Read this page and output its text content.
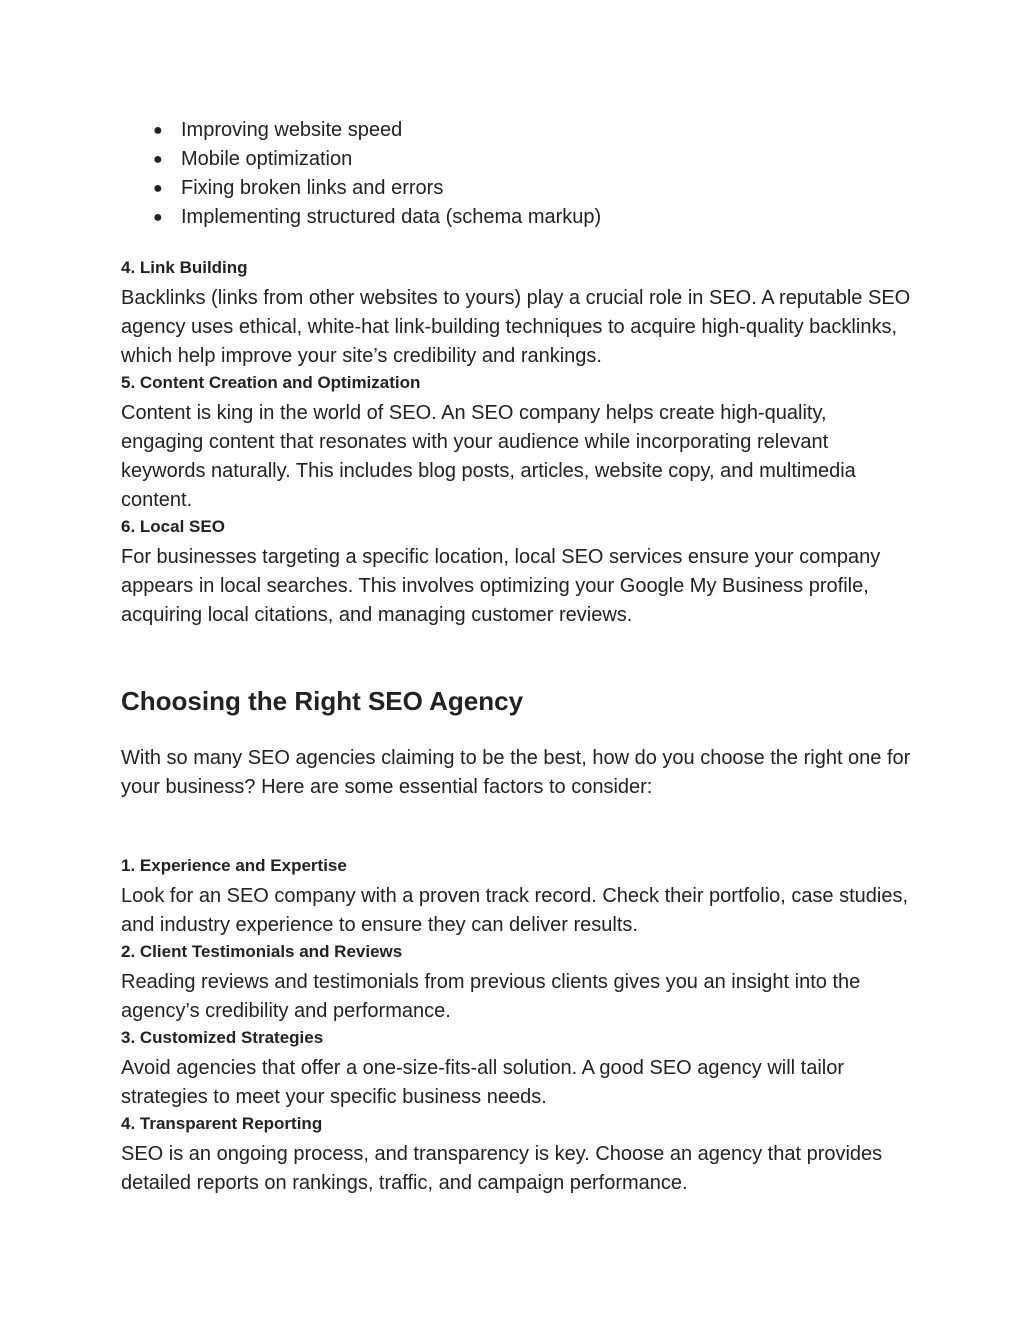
● Improving website speed
● Mobile optimization
● Fixing broken links and errors
● Implementing structured data (schema markup)
4. Link Building

Backlinks (links from other websites to yours) play a crucial role in SEO. A reputable SEO agency uses ethical, white-hat link-building techniques to acquire high-quality backlinks, which help improve your site’s credibility and rankings.

5. Content Creation and Optimization

Content is king in the world of SEO. An SEO company helps create high-quality, engaging content that resonates with your audience while incorporating relevant keywords naturally. This includes blog posts, articles, website copy, and multimedia content.

6. Local SEO

For businesses targeting a specific location, local SEO services ensure your company appears in local searches. This involves optimizing your Google My Business profile, acquiring local citations, and managing customer reviews.

Choosing the Right SEO Agency

With so many SEO agencies claiming to be the best, how do you choose the right one for your business? Here are some essential factors to consider:

1. Experience and Expertise

Look for an SEO company with a proven track record. Check their portfolio, case studies, and industry experience to ensure they can deliver results.

2. Client Testimonials and Reviews

Reading reviews and testimonials from previous clients gives you an insight into the agency’s credibility and performance.

3. Customized Strategies

Avoid agencies that offer a one-size-fits-all solution. A good SEO agency will tailor strategies to meet your specific business needs.

4. Transparent Reporting

SEO is an ongoing process, and transparency is key. Choose an agency that provides detailed reports on rankings, traffic, and campaign performance.
